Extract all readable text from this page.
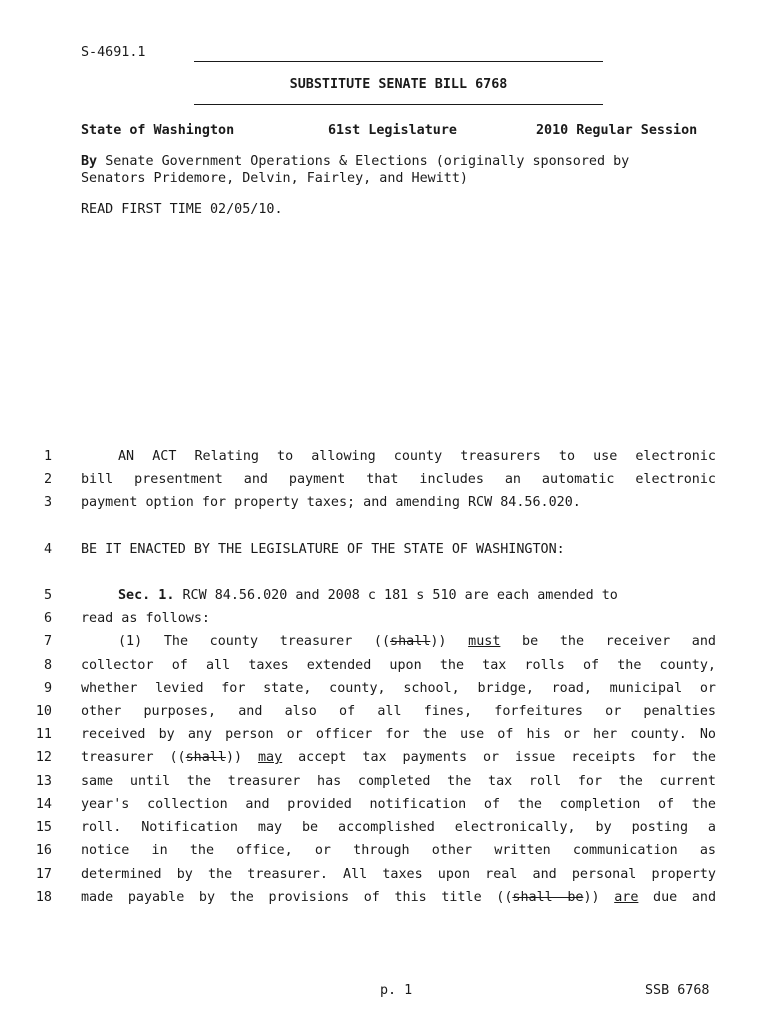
S-4691.1
SUBSTITUTE SENATE BILL 6768
State of Washington	61st Legislature	2010 Regular Session
By Senate Government Operations & Elections (originally sponsored by
Senators Pridemore, Delvin, Fairley, and Hewitt)
READ FIRST TIME 02/05/10.
1
2
3
4
5
6
7
8
9
10
11
12
13
14
15
16
17
18
AN ACT Relating to allowing county treasurers to use electronic
bill presentment and payment that includes an automatic electronic
payment option for property taxes; and amending RCW 84.56.020.
BE IT ENACTED BY THE LEGISLATURE OF THE STATE OF WASHINGTON:
Sec. 1. RCW 84.56.020 and 2008 c 181 s 510 are each amended to
read as follows:
(1) The county treasurer ((shall)) must be the receiver and
collector of all taxes extended upon the tax rolls of the county,
whether levied for state, county, school, bridge, road, municipal or
other purposes, and also of all fines, forfeitures or penalties
received by any person or officer for the use of his or her county. No
treasurer ((shall)) may accept tax payments or issue receipts for the
same until the treasurer has completed the tax roll for the current
year's collection and provided notification of the completion of the
roll. Notification may be accomplished electronically, by posting a
notice in the office, or through other written communication as
determined by the treasurer. All taxes upon real and personal property
made payable by the provisions of this title ((shall be)) are due and
p. 1	SSB 6768
